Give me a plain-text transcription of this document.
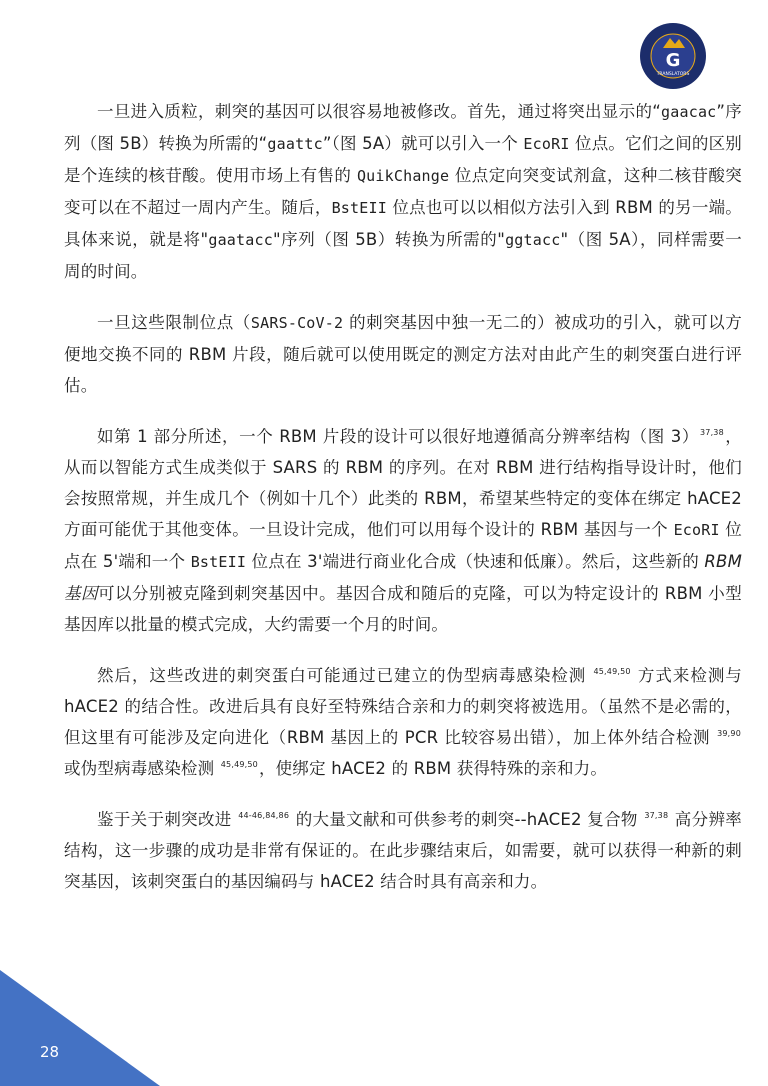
G
TRANSLATORS

一旦进入质粒，刺突的基因可以很容易地被修改。首先，通过将突出显示的“gaacac”序列（图 5B）转换为所需的“gaattc”（图 5A）就可以引入一个 EcoRI 位点。它们之间的区别是个连续的核苷酸。使用市场上有售的 QuikChange 位点定向突变试剂盒，这种二核苷酸突变可以在不超过一周内产生。随后，BstEII 位点也可以以相似方法引入到 RBM 的另一端。具体来说，就是将"gaatacc"序列（图 5B）转换为所需的"ggtacc"（图 5A），同样需要一周的时间。

一旦这些限制位点（SARS-CoV-2 的刺突基因中独一无二的）被成功的引入，就可以方便地交换不同的 RBM 片段，随后就可以使用既定的测定方法对由此产生的刺突蛋白进行评估。

如第 1 部分所述，一个 RBM 片段的设计可以很好地遵循高分辨率结构（图 3）$^{37,38}$，从而以智能方式生成类似于 SARS 的 RBM 的序列。在对 RBM 进行结构指导设计时，他们会按照常规，并生成几个（例如十几个）此类的 RBM，希望某些特定的变体在绑定 hACE2 方面可能优于其他变体。一旦设计完成，他们可以用每个设计的 RBM 基因与一个 EcoRI 位点在 5'端和一个 BstEII 位点在 3'端进行商业化合成（快速和低廉）。然后，这些新的 RBM 基因可以分别被克隆到刺突基因中。基因合成和随后的克隆，可以为特定设计的 RBM 小型基因库以批量的模式完成，大约需要一个月的时间。

然后，这些改进的刺突蛋白可能通过已建立的伪型病毒感染检测 $^{45,49,50}$ 方式来检测与 hACE2 的结合性。改进后具有良好至特殊结合亲和力的刺突将被选用。（虽然不是必需的，但这里有可能涉及定向进化（RBM 基因上的 PCR 比较容易出错），加上体外结合检测 $^{39,90}$ 或伪型病毒感染检测 $^{45,49,50}$，使绑定 hACE2 的 RBM 获得特殊的亲和力。

鉴于关于刺突改进 $^{44-46,84,86}$ 的大量文献和可供参考的刺突--hACE2 复合物 $^{37,38}$ 高分辨率结构，这一步骤的成功是非常有保证的。在此步骤结束后，如需要，就可以获得一种新的刺突基因，该刺突蛋白的基因编码与 hACE2 结合时具有高亲和力。

28
